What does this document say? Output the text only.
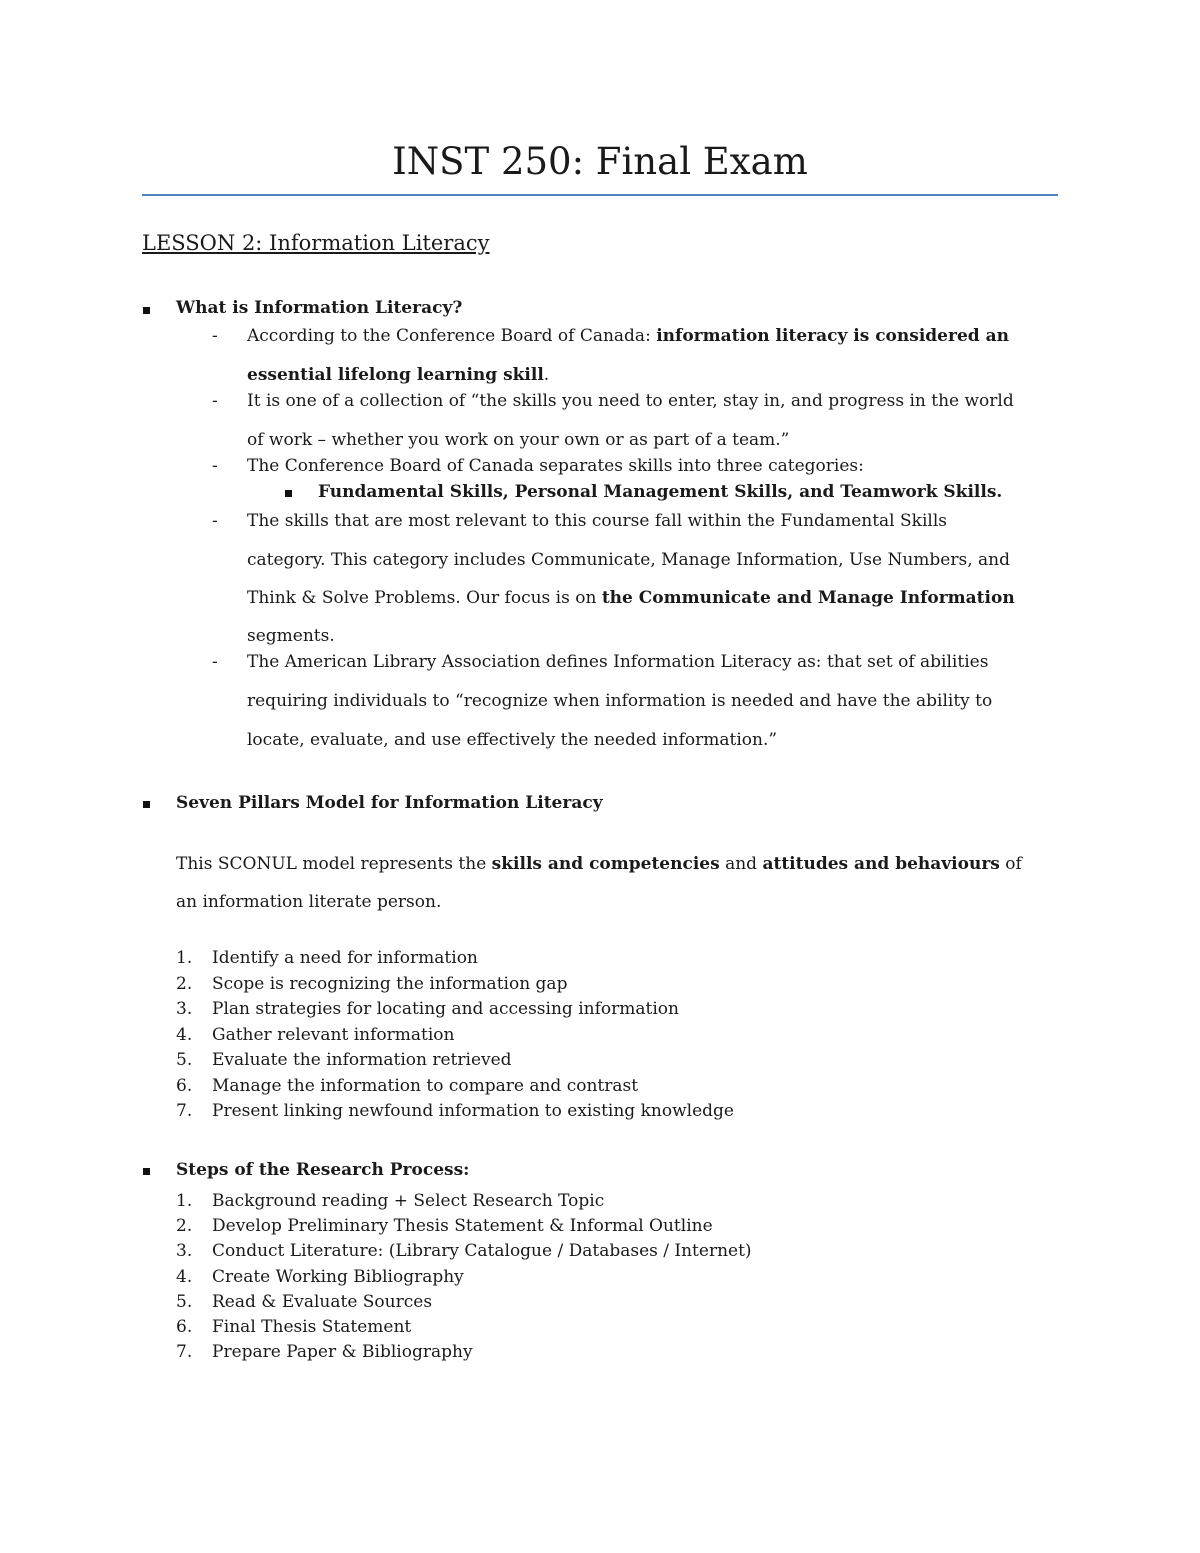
INST 250: Final Exam
LESSON 2: Information Literacy
What is Information Literacy?
- According to the Conference Board of Canada: information literacy is considered an
essential lifelong learning skill.
- It is one of a collection of “the skills you need to enter, stay in, and progress in the world
of work – whether you work on your own or as part of a team.”
- The Conference Board of Canada separates skills into three categories:
Fundamental Skills, Personal Management Skills, and Teamwork Skills.
- The skills that are most relevant to this course fall within the Fundamental Skills
category. This category includes Communicate, Manage Information, Use Numbers, and
Think & Solve Problems. Our focus is on the Communicate and Manage Information
segments.
- The American Library Association defines Information Literacy as: that set of abilities
requiring individuals to “recognize when information is needed and have the ability to
locate, evaluate, and use effectively the needed information.”
Seven Pillars Model for Information Literacy
This SCONUL model represents the skills and competencies and attitudes and behaviours of
an information literate person.
1. Identify a need for information
2. Scope is recognizing the information gap
3. Plan strategies for locating and accessing information
4. Gather relevant information
5. Evaluate the information retrieved
6. Manage the information to compare and contrast
7. Present linking newfound information to existing knowledge
Steps of the Research Process:
1. Background reading + Select Research Topic
2. Develop Preliminary Thesis Statement & Informal Outline
3. Conduct Literature: (Library Catalogue / Databases / Internet)
4. Create Working Bibliography
5. Read & Evaluate Sources
6. Final Thesis Statement
7. Prepare Paper & Bibliography
